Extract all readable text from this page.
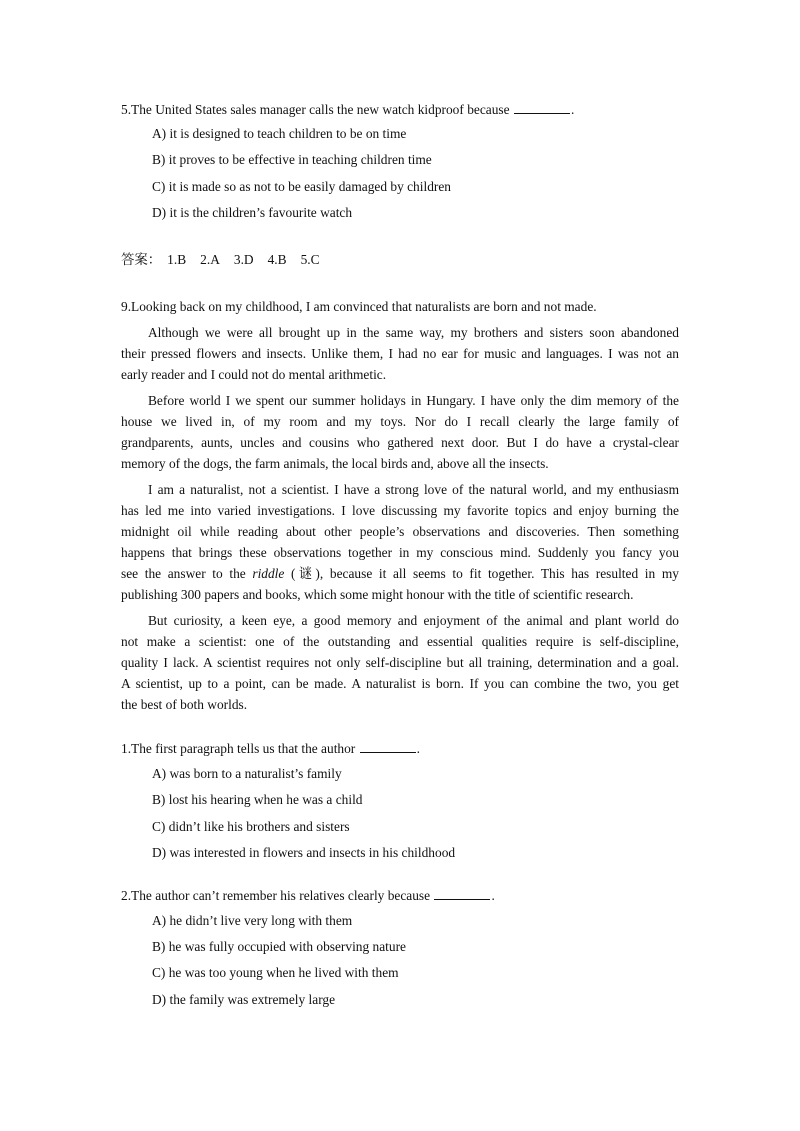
5.The United States sales manager calls the new watch kidproof because	.
A) it is designed to teach children to be on time
B) it proves to be effective in teaching children time
C) it is made so as not to be easily damaged by children
D) it is the children’s favourite watch
答案： 1.B 2.A 3.D 4.B 5.C
9.Looking back on my childhood, I am convinced that naturalists are born and not made.
Although we were all brought up in the same way, my brothers and sisters soon abandoned
their pressed flowers and insects. Unlike them, I had no ear for music and languages. I was not an
early reader and I could not do mental arithmetic.
Before world I we spent our summer holidays in Hungary. I have only the dim memory of the
house we lived in, of my room and my toys. Nor do I recall clearly the large family of
grandparents, aunts, uncles and cousins who gathered next door. But I do have a crystal-clear
memory of the dogs, the farm animals, the local birds and, above all the insects.
I am a naturalist, not a scientist. I have a strong love of the natural world, and my enthusiasm
has led me into varied investigations. I love discussing my favorite topics and enjoy burning the
midnight oil while reading about other people’s observations and discoveries. Then something
happens that brings these observations together in my conscious mind. Suddenly you fancy you
see the answer to the riddle (谜), because it all seems to fit together. This has resulted in my
publishing 300 papers and books, which some might honour with the title of scientific research.
But curiosity, a keen eye, a good memory and enjoyment of the animal and plant world do
not make a scientist: one of the outstanding and essential qualities require is self-discipline,
quality I lack. A scientist requires not only self-discipline but all training, determination and a goal.
A scientist, up to a point, can be made. A naturalist is born. If you can combine the two, you get
the best of both worlds.
1.The first paragraph tells us that the author	.
A) was born to a naturalist’s family
B) lost his hearing when he was a child
C) didn’t like his brothers and sisters
D) was interested in flowers and insects in his childhood
2.The author can’t remember his relatives clearly because	.
A) he didn’t live very long with them
B) he was fully occupied with observing nature
C) he was too young when he lived with them
D) the family was extremely large
